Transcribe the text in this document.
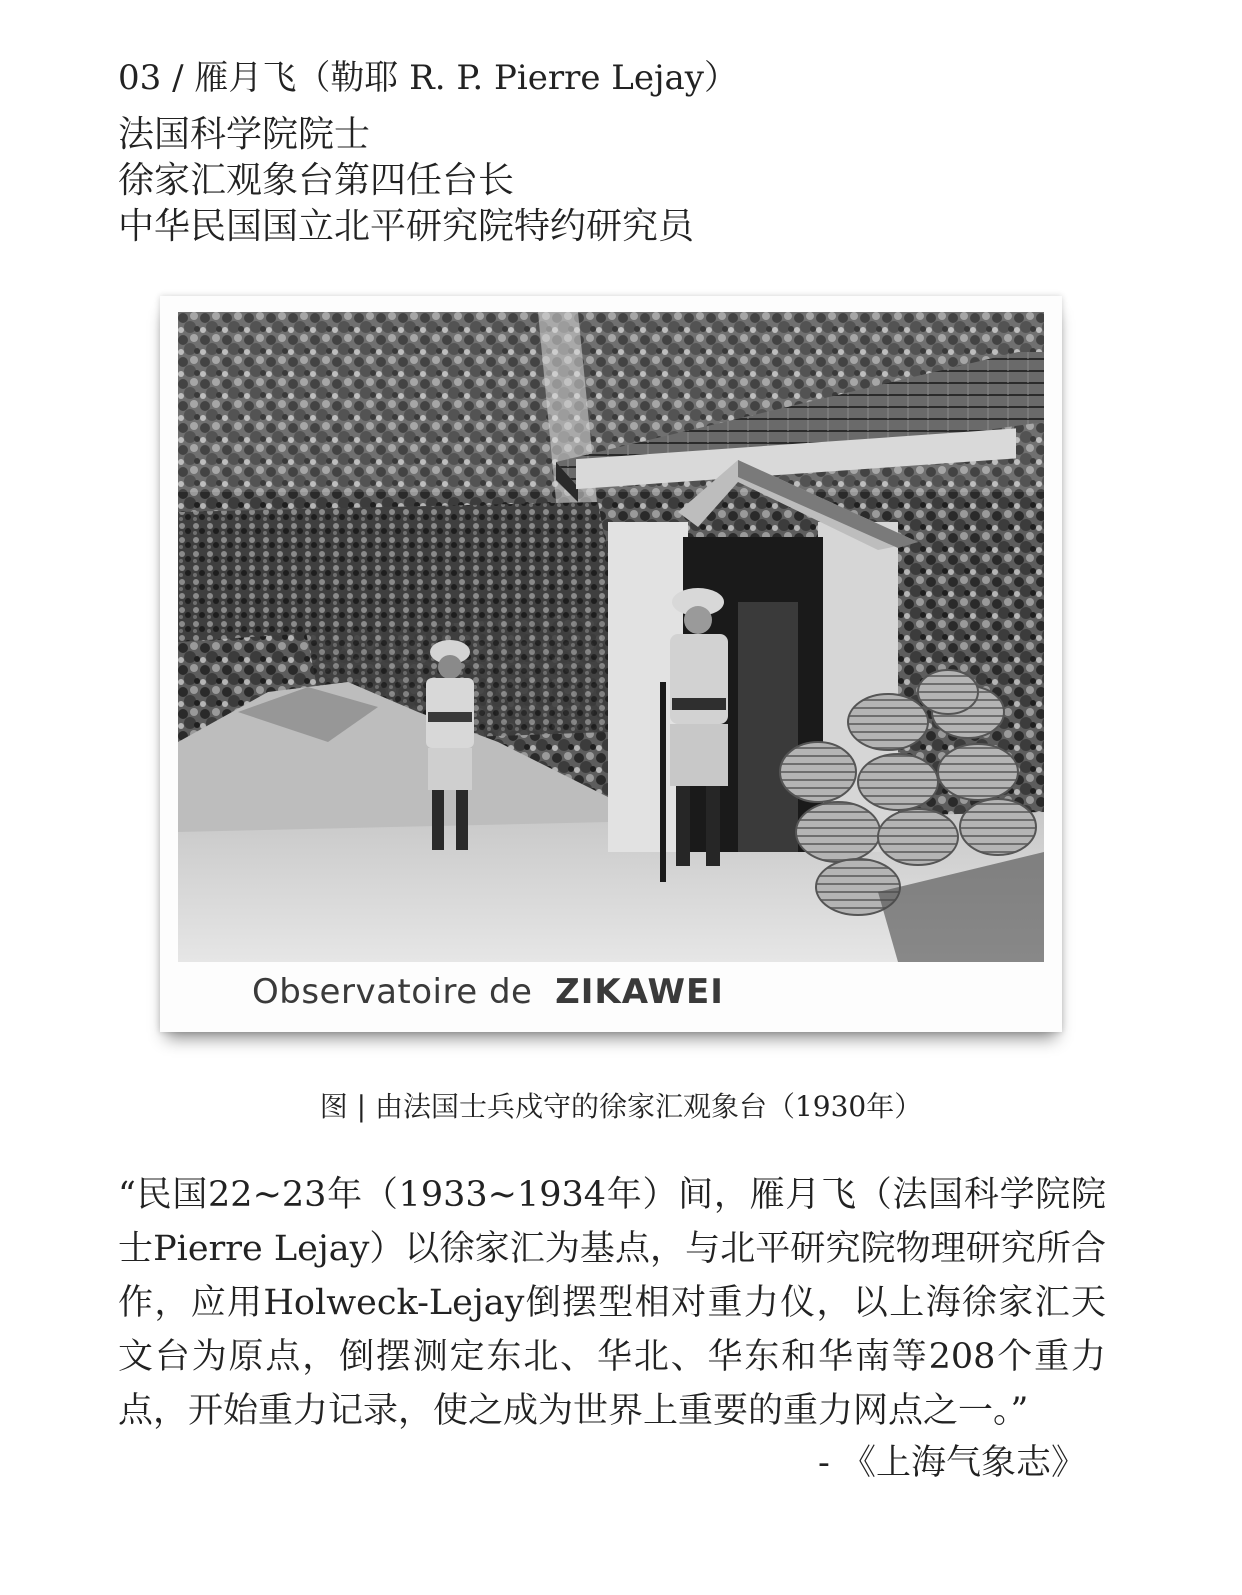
03 / 雁月飞（勒耶 R. P. Pierre Lejay）
法国科学院院士
徐家汇观象台第四任台长
中华民国国立北平研究院特约研究员
Observatoire de ZIKAWEI
图 | 由法国士兵戍守的徐家汇观象台（1930年）
“民国22~23年（1933~1934年）间，雁月飞（法国科学院院士Pierre Lejay）以徐家汇为基点，与北平研究院物理研究所合作，应用Holweck-Lejay倒摆型相对重力仪，以上海徐家汇天文台为原点，倒摆测定东北、华北、华东和华南等208个重力点，开始重力记录，使之成为世界上重要的重力网点之一。”
- 《上海气象志》
